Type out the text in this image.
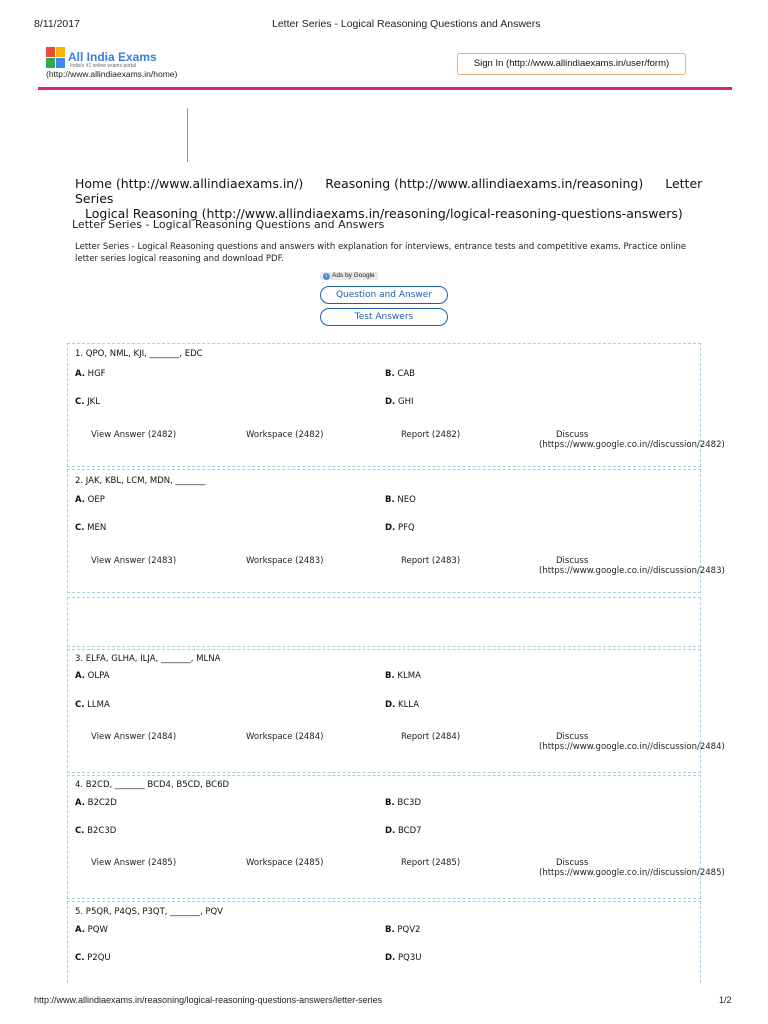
8/11/2017	Letter Series - Logical Reasoning Questions and Answers
All India Exams
India's #1 online exams portal
(http://www.allindiaexams.in/home)
Sign In (http://www.allindiaexams.in/user/form)
Home (http://www.allindiaexams.in/) Reasoning (http://www.allindiaexams.in/reasoning) Letter Series
Logical Reasoning (http://www.allindiaexams.in/reasoning/logical-reasoning-questions-answers)
Letter Series - Logical Reasoning Questions and Answers
Letter Series - Logical Reasoning questions and answers with explanation for interviews, entrance tests and competitive exams. Practice online letter series logical reasoning and download PDF.
i Ads by Google
Question and Answer
Test Answers
1. QPO, NML, KJI, _______, EDC
A. HGF	B. CAB
C. JKL	D. GHI
View Answer (2482)	Workspace (2482)	Report (2482)	Discuss
(https://www.google.co.in//discussion/2482)
2. JAK, KBL, LCM, MDN, _______
A. OEP	B. NEO
C. MEN	D. PFQ
View Answer (2483)	Workspace (2483)	Report (2483)	Discuss
(https://www.google.co.in//discussion/2483)
3. ELFA, GLHA, ILJA, _______, MLNA
A. OLPA	B. KLMA
C. LLMA	D. KLLA
View Answer (2484)	Workspace (2484)	Report (2484)	Discuss
(https://www.google.co.in//discussion/2484)
4. B2CD, _______ BCD4, B5CD, BC6D
A. B2C2D	B. BC3D
C. B2C3D	D. BCD7
View Answer (2485)	Workspace (2485)	Report (2485)	Discuss
(https://www.google.co.in//discussion/2485)
5. P5QR, P4QS, P3QT, _______, PQV
A. PQW	B. PQV2
C. P2QU	D. PQ3U
http://www.allindiaexams.in/reasoning/logical-reasoning-questions-answers/letter-series	1/2
